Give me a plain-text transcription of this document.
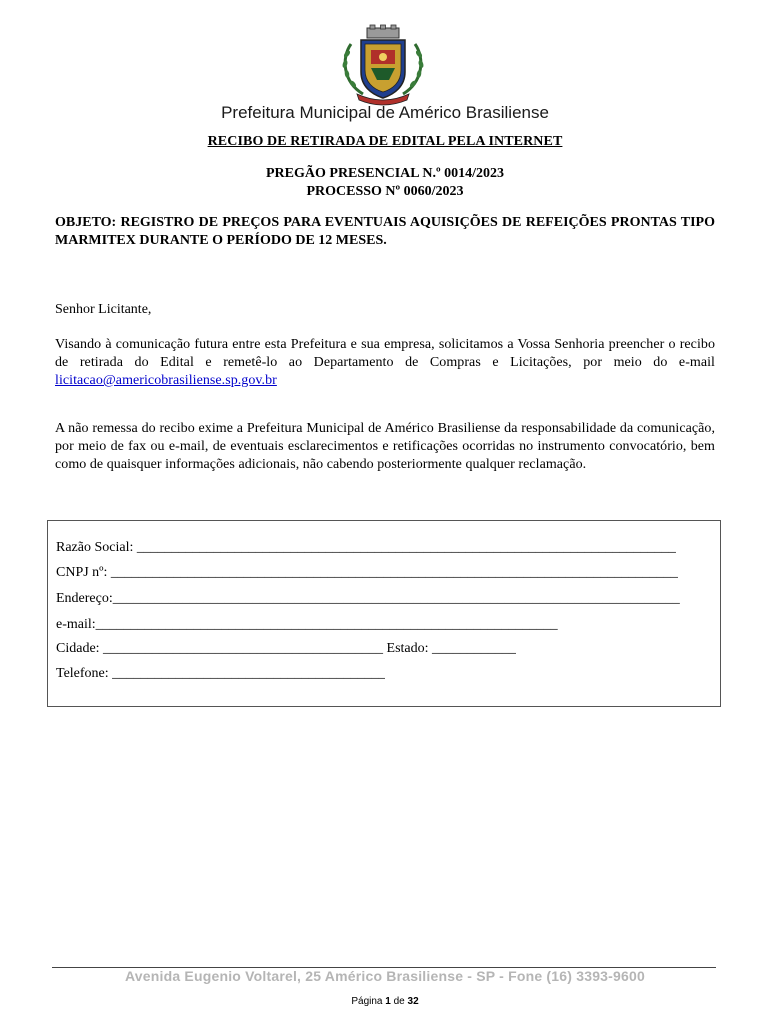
Prefeitura Municipal de Américo Brasiliense
RECIBO DE RETIRADA DE EDITAL PELA INTERNET
PREGÃO PRESENCIAL N.º 0014/2023
PROCESSO Nº 0060/2023
OBJETO: REGISTRO DE PREÇOS PARA EVENTUAIS AQUISIÇÕES DE REFEIÇÕES PRONTAS TIPO MARMITEX DURANTE O PERÍODO DE 12 MESES.
Senhor Licitante,
Visando à comunicação futura entre esta Prefeitura e sua empresa, solicitamos a Vossa Senhoria preencher o recibo de retirada do Edital e remetê-lo ao Departamento de Compras e Licitações, por meio do e-mail licitacao@americobrasiliense.sp.gov.br
A não remessa do recibo exime a Prefeitura Municipal de Américo Brasiliense da responsabilidade da comunicação, por meio de fax ou e-mail, de eventuais esclarecimentos e retificações ocorridas no instrumento convocatório, bem como de quaisquer informações adicionais, não cabendo posteriormente qualquer reclamação.
Razão Social: _____________________________________________________________________________
CNPJ nº: _________________________________________________________________________________
Endereço:_________________________________________________________________________________
e-mail:__________________________________________________________________
Cidade: ________________________________________ Estado: ____________
Telefone: _______________________________________
Avenida Eugenio Voltarel, 25 Américo Brasiliense - SP - Fone (16) 3393-9600
Página 1 de 32
